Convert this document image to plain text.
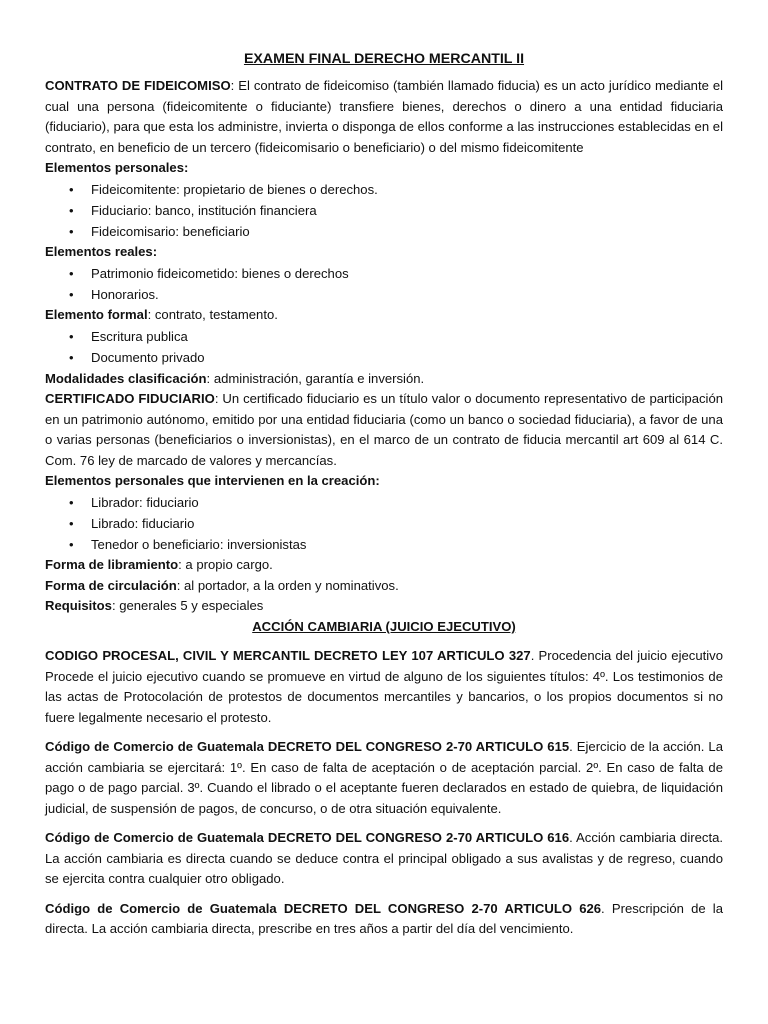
EXAMEN FINAL DERECHO MERCANTIL II

CONTRATO DE FIDEICOMISO: El contrato de fideicomiso (también llamado fiducia) es un acto jurídico mediante el cual una persona (fideicomitente o fiduciante) transfiere bienes, derechos o dinero a una entidad fiduciaria (fiduciario), para que esta los administre, invierta o disponga de ellos conforme a las instrucciones establecidas en el contrato, en beneficio de un tercero (fideicomisario o beneficiario) o del mismo fideicomitente

Elementos personales:

• Fideicomitente: propietario de bienes o derechos.
• Fiduciario: banco, institución financiera
• Fideicomisario: beneficiario

Elementos reales:

• Patrimonio fideicometido: bienes o derechos
• Honorarios.

Elemento formal: contrato, testamento.

• Escritura publica
• Documento privado

Modalidades clasificación: administración, garantía e inversión.

CERTIFICADO FIDUCIARIO: Un certificado fiduciario es un título valor o documento representativo de participación en un patrimonio autónomo, emitido por una entidad fiduciaria (como un banco o sociedad fiduciaria), a favor de una o varias personas (beneficiarios o inversionistas), en el marco de un contrato de fiducia mercantil art 609 al 614 C. Com. 76 ley de marcado de valores y mercancías.

Elementos personales que intervienen en la creación:

• Librador: fiduciario
• Librado: fiduciario
• Tenedor o beneficiario: inversionistas

Forma de libramiento: a propio cargo.

Forma de circulación: al portador, a la orden y nominativos.

Requisitos: generales 5 y especiales

ACCIÓN CAMBIARIA (JUICIO EJECUTIVO)

CODIGO PROCESAL, CIVIL Y MERCANTIL DECRETO LEY 107 ARTICULO 327. Procedencia del juicio ejecutivo Procede el juicio ejecutivo cuando se promueve en virtud de alguno de los siguientes títulos: 4º. Los testimonios de las actas de Protocolación de protestos de documentos mercantiles y bancarios, o los propios documentos si no fuere legalmente necesario el protesto.

Código de Comercio de Guatemala DECRETO DEL CONGRESO 2-70 ARTICULO 615. Ejercicio de la acción. La acción cambiaria se ejercitará: 1º. En caso de falta de aceptación o de aceptación parcial. 2º. En caso de falta de pago o de pago parcial. 3º. Cuando el librado o el aceptante fueren declarados en estado de quiebra, de liquidación judicial, de suspensión de pagos, de concurso, o de otra situación equivalente.

Código de Comercio de Guatemala DECRETO DEL CONGRESO 2-70 ARTICULO 616. Acción cambiaria directa. La acción cambiaria es directa cuando se deduce contra el principal obligado a sus avalistas y de regreso, cuando se ejercita contra cualquier otro obligado.

Código de Comercio de Guatemala DECRETO DEL CONGRESO 2-70 ARTICULO 626. Prescripción de la directa. La acción cambiaria directa, prescribe en tres años a partir del día del vencimiento.
